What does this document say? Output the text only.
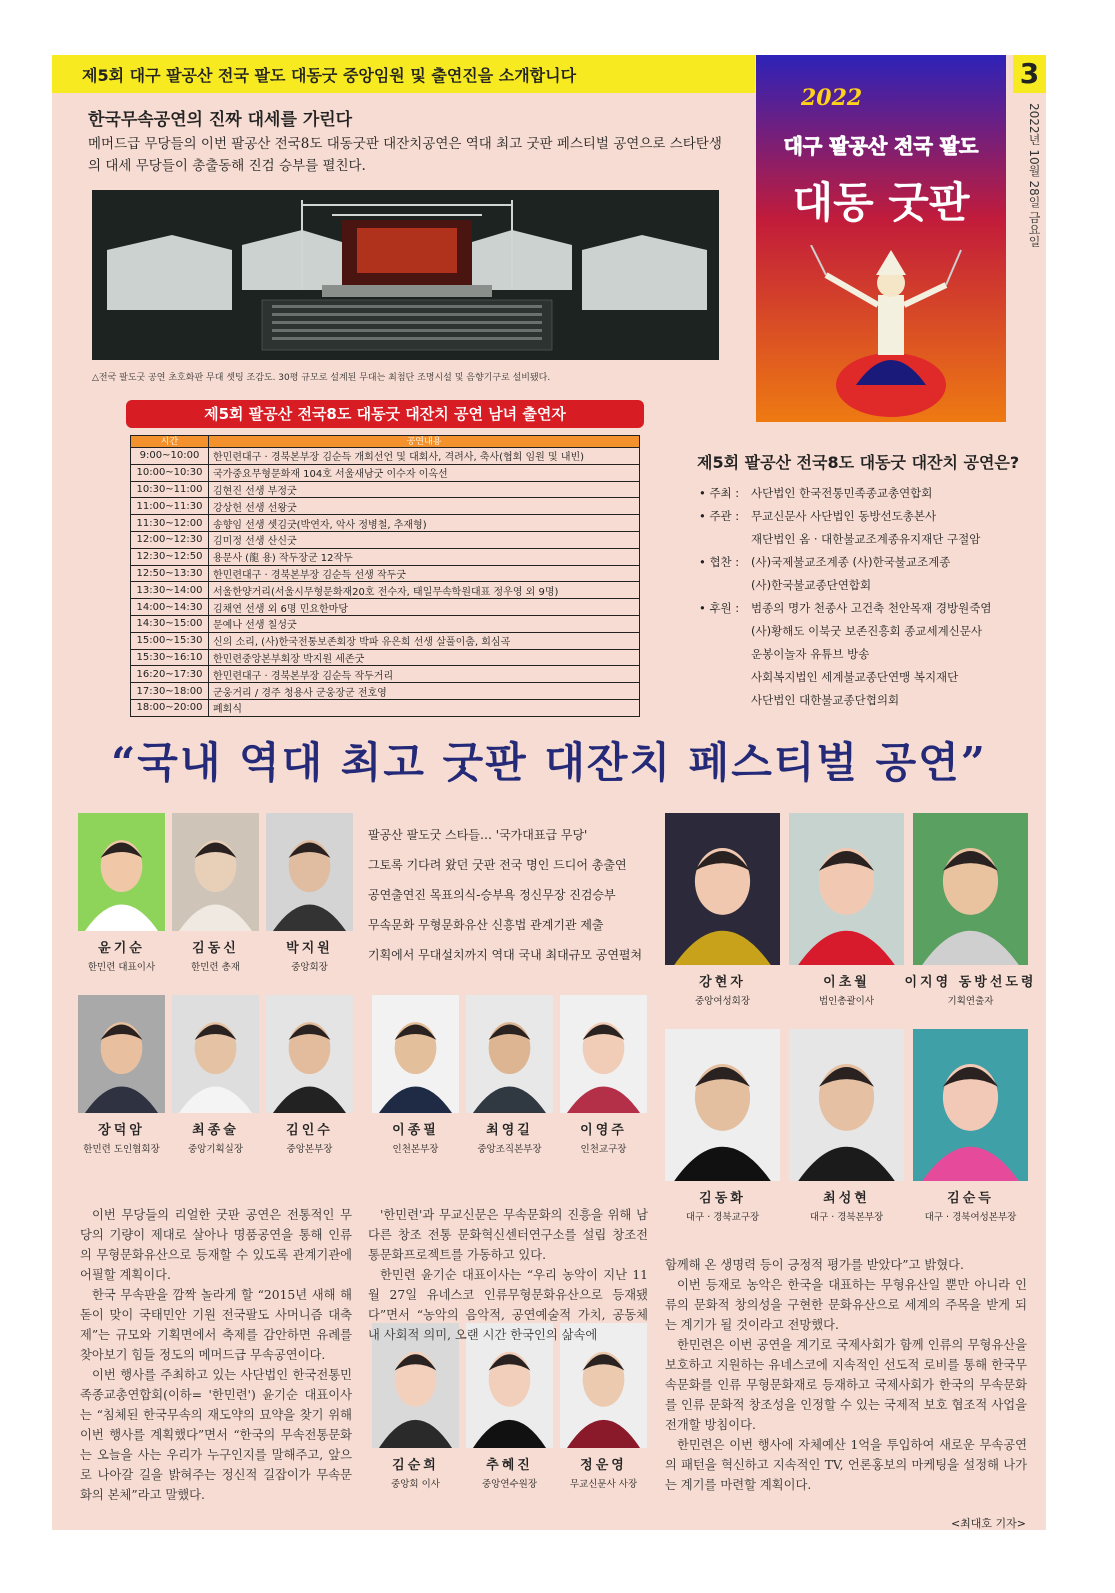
제5회 대구 팔공산 전국 팔도 대동굿 중앙임원 및 출연진을 소개합니다	3
2022년 10월 28일 금요일
2022
대구 팔공산 전국 팔도
대동 굿판
한국무속공연의 진짜 대세를 가린다
메머드급 무당들의 이번 팔공산 전국8도 대동굿판 대잔치공연은 역대 최고 굿판 페스티벌 공연으로 스타탄생의 대세 무당들이 총출동해 진검 승부를 펼친다.
△전국 팔도굿 공연 초호화판 무대 셋팅 조감도. 30평 규모로 설계된 무대는 최첨단 조명시설 및 음향기구로 설비됐다.
제5회 팔공산 전국8도 대동굿 대잔치 공연 남녀 출연자
시간	공연내용
9:00~10:00	한민련대구 · 경북본부장 김순득 개회선언 및 대회사, 격려사, 축사(협회 임원 및 내빈)
10:00~10:30	국가중요무형문화재 104호 서울새남굿 이수자 이옥선
10:30~11:00	김현진 선생 부정굿
11:00~11:30	강상헌 선생 선왕굿
11:30~12:00	송향임 선생 셋김굿(박연자, 악사 정병철, 추재형)
12:00~12:30	김미정 선생 산신굿
12:30~12:50	용문사 (龍 용) 작두장군 12작두
12:50~13:30	한민련대구 · 경북본부장 김순득 선생 작두굿
13:30~14:00	서울한양거리(서울시무형문화재20호 전수자, 태일무속학원대표 정우영 외 9명)
14:00~14:30	김채연 선생 외 6명 민요한마당
14:30~15:00	문예나 선생 칠성굿
15:00~15:30	신의 소리, (사)한국전통보존회장 박파 유은희 선생 살풀이춤, 회심곡
15:30~16:10	한민련중앙본부회장 박지원 세존굿
16:20~17:30	한민련대구 · 경북본부장 김순득 작두거리
17:30~18:00	군웅거리 / 경주 청용사 군웅장군 전호영
18:00~20:00	폐회식
제5회 팔공산 전국8도 대동굿 대잔치 공연은?
• 주최 :	사단법인 한국전통민족종교총연합회
• 주관 :	무교신문사 사단법인 동방선도총본사
재단법인 옴 · 대한불교조계종유지재단 구절암
• 협찬 :	(사)국제불교조계종 (사)한국불교조계종
(사)한국불교종단연합회
• 후원 :	범종의 명가 천종사 고건축 천안목재 경방원죽염
(사)황해도 이북굿 보존진흥회 종교세계신문사
운봉이놀자 유튜브 방송
사회복지법인 세계불교종단연맹 복지재단
사단법인 대한불교종단협의회
“국내 역대 최고 굿판 대잔치 페스티벌 공연”
팔공산 팔도굿 스타들… '국가대표급 무당'
그토록 기다려 왔던 굿판 전국 명인 드디어 총출연
공연출연진 목표의식-승부욕 정신무장 진검승부
무속문화 무형문화유산 신흥법 관계기관 제출
기획에서 무대설치까지 역대 국내 최대규모 공연펼쳐
윤기순
한민련 대표이사
김동신
한민련 총재
박지원
중앙회장
강현자
중앙여성회장
이초월
법인총괄이사
이지영 동방선도령
기획연출자
장덕암
한민련 도인협회장
최종술
중앙기획실장
김인수
중앙본부장
이종필
인천본부장
최영길
중앙조직본부장
이영주
인천교구장
김동화
대구 · 경북교구장
최성현
대구 · 경북본부장
김순득
대구 · 경북여성본부장
김순희
중앙회 이사
추혜진
중앙연수원장
정운영
무교신문사 사장

이번 무당들의 리얼한 굿판 공연은 전통적인 무당의 기량이 제대로 살아나 명품공연을 통해 인류의 무형문화유산으로 등재할 수 있도록 관계기관에 어필할 계획이다.

한국 무속판을 깜짝 놀라게 할 “2015년 새해 해돋이 맞이 국태민안 기원 전국팔도 사머니즘 대축제”는 규모와 기획면에서 축제를 감안하면 유례를 찾아보기 힘들 정도의 메머드급 무속공연이다.

이번 행사를 주최하고 있는 사단법인 한국전통민족종교총연합회(이하= '한민련') 윤기순 대표이사는 “침체된 한국무속의 재도약의 묘약을 찾기 위해 이번 행사를 계획했다”면서 “한국의 무속전통문화는 오늘을 사는 우리가 누구인지를 말해주고, 앞으로 나아갈 길을 밝혀주는 정신적 길잡이가 무속문화의 본체”라고 말했다.

'한민련'과 무교신문은 무속문화의 진흥을 위해 남다른 창조 전통 문화혁신센터연구소를 설립 창조전통문화프로젝트를 가동하고 있다.

한민련 윤기순 대표이사는 “우리 농악이 지난 11월 27일 유네스코 인류무형문화유산으로 등재됐다”면서 “농악의 음악적, 공연예술적 가치, 공동체 내 사회적 의미, 오랜 시간 한국인의 삶속에

함께해 온 생명력 등이 긍정적 평가를 받았다”고 밝혔다.

이번 등재로 농악은 한국을 대표하는 무형유산일 뿐만 아니라 인류의 문화적 창의성을 구현한 문화유산으로 세계의 주목을 받게 되는 계기가 될 것이라고 전망했다.

한민련은 이번 공연을 계기로 국제사회가 함께 인류의 무형유산을 보호하고 지원하는 유네스코에 지속적인 선도적 로비를 통해 한국무속문화를 인류 무형문화재로 등재하고 국제사회가 한국의 무속문화를 인류 문화적 창조성을 인정할 수 있는 국제적 보호 협조적 사업을 전개할 방침이다.

한민련은 이번 행사에 자체예산 1억을 투입하여 새로운 무속공연의 패턴을 혁신하고 지속적인 TV, 언론홍보의 마케팅을 설정해 나가는 계기를 마련할 계획이다.

<최대호 기자>
